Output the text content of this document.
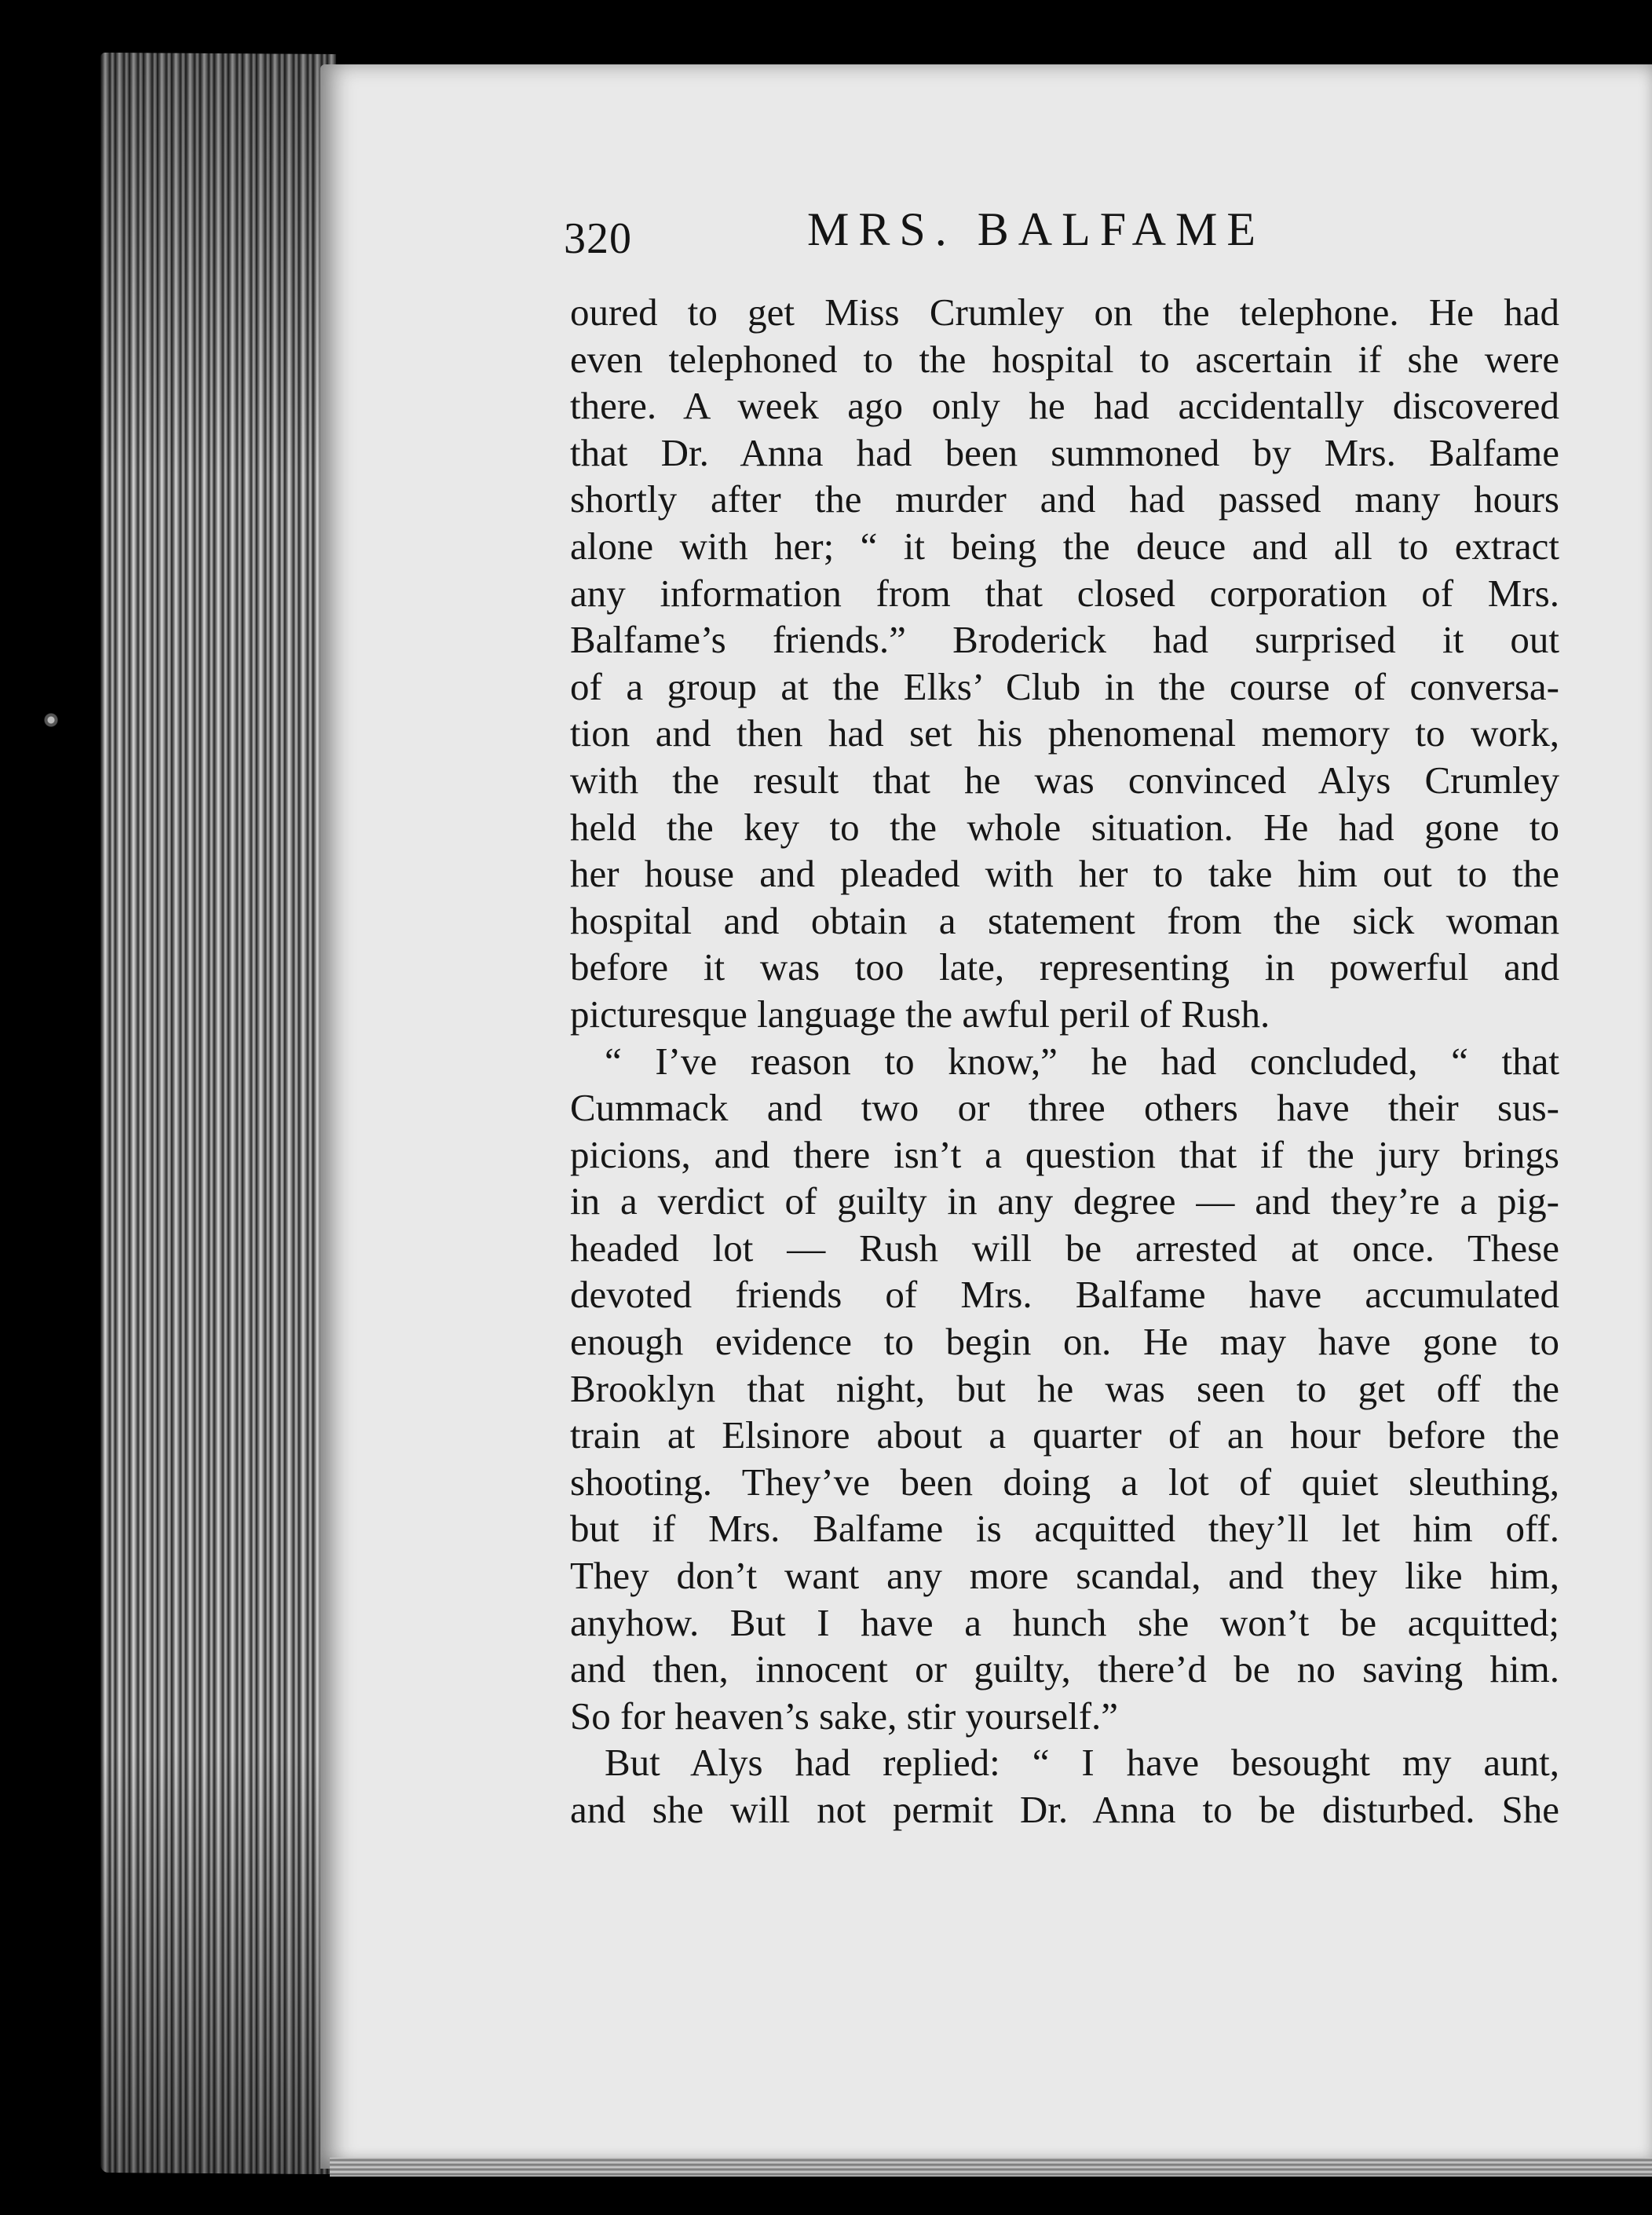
320	MRS. BALFAME
oured to get Miss Crumley on the telephone. He had
even telephoned to the hospital to ascertain if she were
there. A week ago only he had accidentally discovered
that Dr. Anna had been summoned by Mrs. Balfame
shortly after the murder and had passed many hours
alone with her; “ it being the deuce and all to extract
any information from that closed corporation of Mrs.
Balfame’s friends.” Broderick had surprised it out
of a group at the Elks’ Club in the course of conversa-
tion and then had set his phenomenal memory to work,
with the result that he was convinced Alys Crumley
held the key to the whole situation. He had gone to
her house and pleaded with her to take him out to the
hospital and obtain a statement from the sick woman
before it was too late, representing in powerful and
picturesque language the awful peril of Rush.
“ I’ve reason to know,” he had concluded, “ that
Cummack and two or three others have their sus-
picions, and there isn’t a question that if the jury brings
in a verdict of guilty in any degree — and they’re a pig-
headed lot — Rush will be arrested at once. These
devoted friends of Mrs. Balfame have accumulated
enough evidence to begin on. He may have gone to
Brooklyn that night, but he was seen to get off the
train at Elsinore about a quarter of an hour before the
shooting. They’ve been doing a lot of quiet sleuthing,
but if Mrs. Balfame is acquitted they’ll let him off.
They don’t want any more scandal, and they like him,
anyhow. But I have a hunch she won’t be acquitted;
and then, innocent or guilty, there’d be no saving him.
So for heaven’s sake, stir yourself.”
But Alys had replied: “ I have besought my aunt,
and she will not permit Dr. Anna to be disturbed. She
